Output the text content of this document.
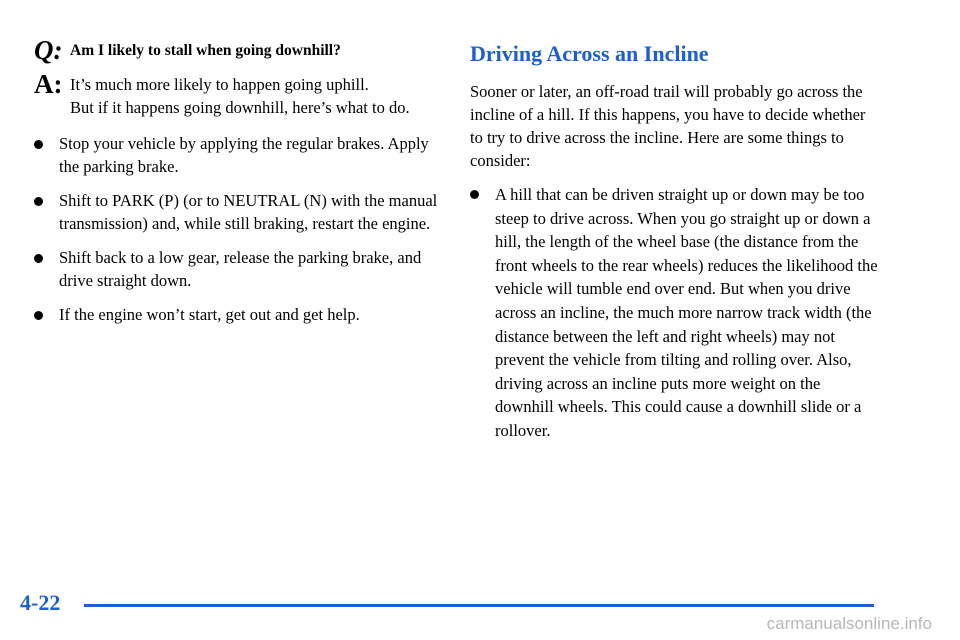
Q: Am I likely to stall when going downhill?
A: It’s much more likely to happen going uphill.
But if it happens going downhill, here’s what to do.
Stop your vehicle by applying the regular brakes. Apply the parking brake.
Shift to PARK (P) (or to NEUTRAL (N) with the manual transmission) and, while still braking, restart the engine.
Shift back to a low gear, release the parking brake, and drive straight down.
If the engine won’t start, get out and get help.
Driving Across an Incline

Sooner or later, an off-road trail will probably go across the incline of a hill. If this happens, you have to decide whether to try to drive across the incline. Here are some things to consider:

A hill that can be driven straight up or down may be too steep to drive across. When you go straight up or down a hill, the length of the wheel base (the distance from the front wheels to the rear wheels) reduces the likelihood the vehicle will tumble end over end. But when you drive across an incline, the much more narrow track width (the distance between the left and right wheels) may not prevent the vehicle from tilting and rolling over. Also, driving across an incline puts more weight on the downhill wheels. This could cause a downhill slide or a rollover.
4-22
carmanualsonline.info
